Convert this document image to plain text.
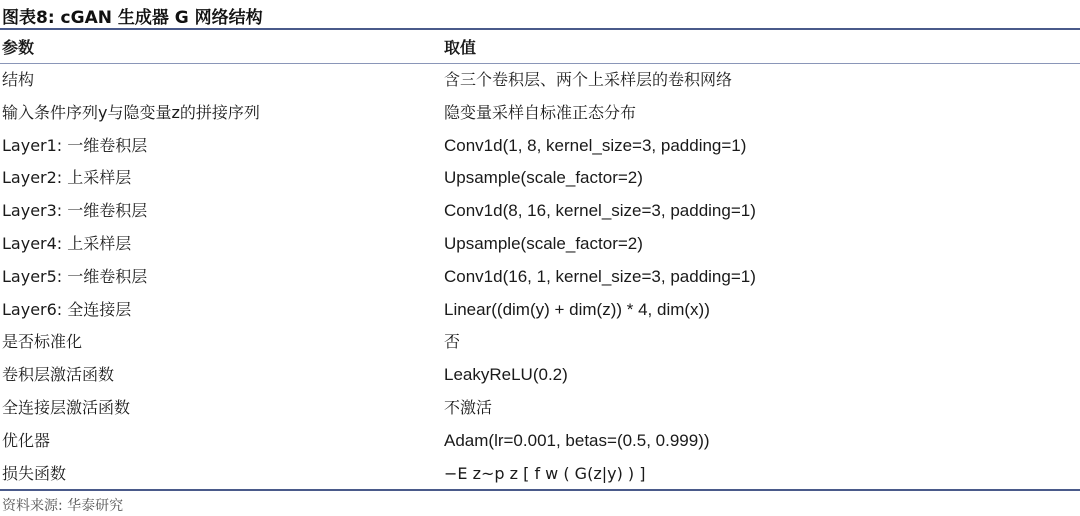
图表8: cGAN 生成器 G 网络结构
参数	取值
结构	含三个卷积层、两个上采样层的卷积网络
输入条件序列y与隐变量z的拼接序列	隐变量采样自标准正态分布
Layer1: 一维卷积层	Conv1d(1, 8, kernel_size=3, padding=1)
Layer2: 上采样层	Upsample(scale_factor=2)
Layer3: 一维卷积层	Conv1d(8, 16, kernel_size=3, padding=1)
Layer4: 上采样层	Upsample(scale_factor=2)
Layer5: 一维卷积层	Conv1d(16, 1, kernel_size=3, padding=1)
Layer6: 全连接层	Linear((dim(y) + dim(z)) * 4, dim(x))
是否标准化	否
卷积层激活函数	LeakyReLU(0.2)
全连接层激活函数	不激活
优化器	Adam(lr=0.001, betas=(0.5, 0.999))
损失函数	−E z~p z [ f w ( G(z|y) ) ]
资料来源: 华泰研究
